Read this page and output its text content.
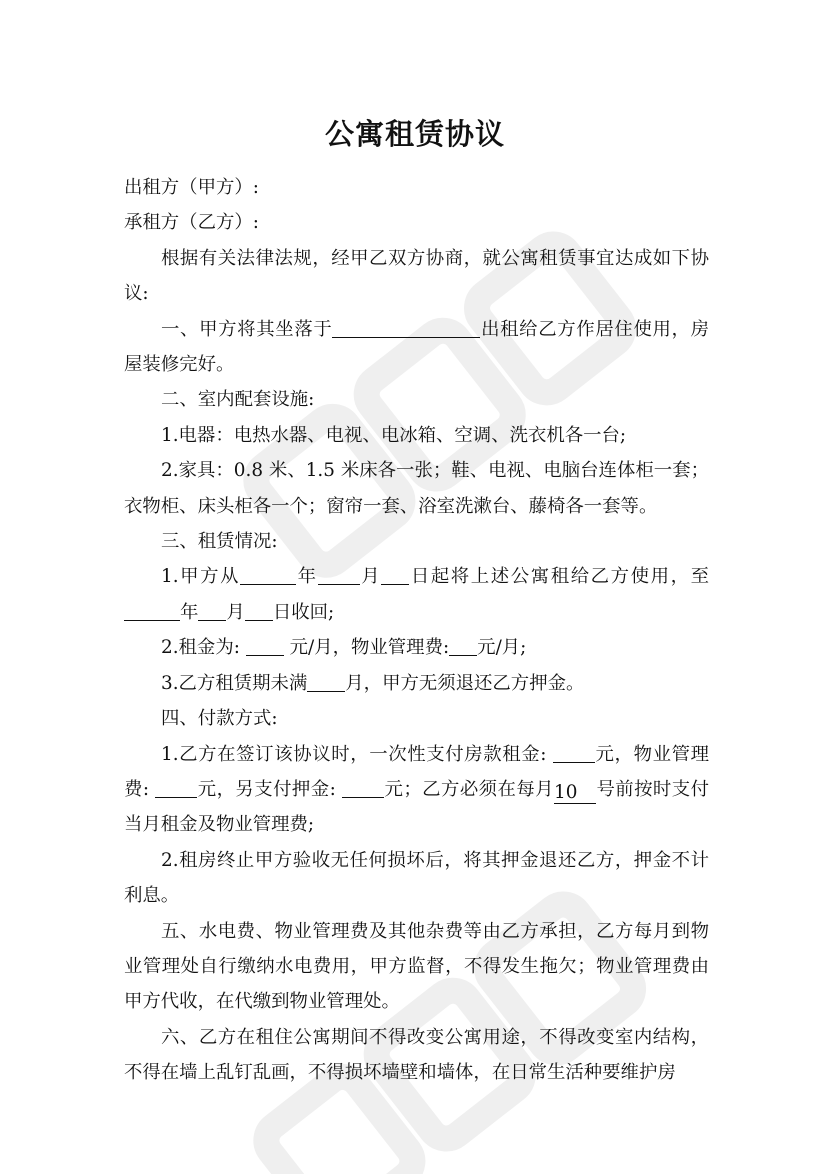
公寓租赁协议

出租方（甲方）:

承租方（乙方）:

根据有关法律法规，经甲乙双方协商，就公寓租赁事宜达成如下协议:

一、甲方将其坐落于	出租给乙方作居住使用，房屋装修完好。

二、室内配套设施:

1.电器：电热水器、电视、电冰箱、空调、洗衣机各一台;

2.家具：0.8 米、1.5 米床各一张；鞋、电视、电脑台连体柜一套；衣物柜、床头柜各一个；窗帘一套、浴室洗漱台、藤椅各一套等。

三、租赁情况:

1.甲方从	年 月 日起将上述公寓租给乙方使用，至年 月 日收回;

2.租金为:	元/月，物业管理费: 元/月;

3.乙方租赁期未满 月，甲方无须退还乙方押金。

四、付款方式:

1.乙方在签订该协议时，一次性支付房款租金:	元，物业管理费:	元，另支付押金:	元；乙方必须在每月10 号前按时支付当月租金及物业管理费;

2.租房终止甲方验收无任何损坏后，将其押金退还乙方，押金不计利息。

五、水电费、物业管理费及其他杂费等由乙方承担，乙方每月到物业管理处自行缴纳水电费用，甲方监督，不得发生拖欠；物业管理费由甲方代收，在代缴到物业管理处。

六、乙方在租住公寓期间不得改变公寓用途，不得改变室内结构，不得在墙上乱钉乱画，不得损坏墙壁和墙体，在日常生活种要维护房
